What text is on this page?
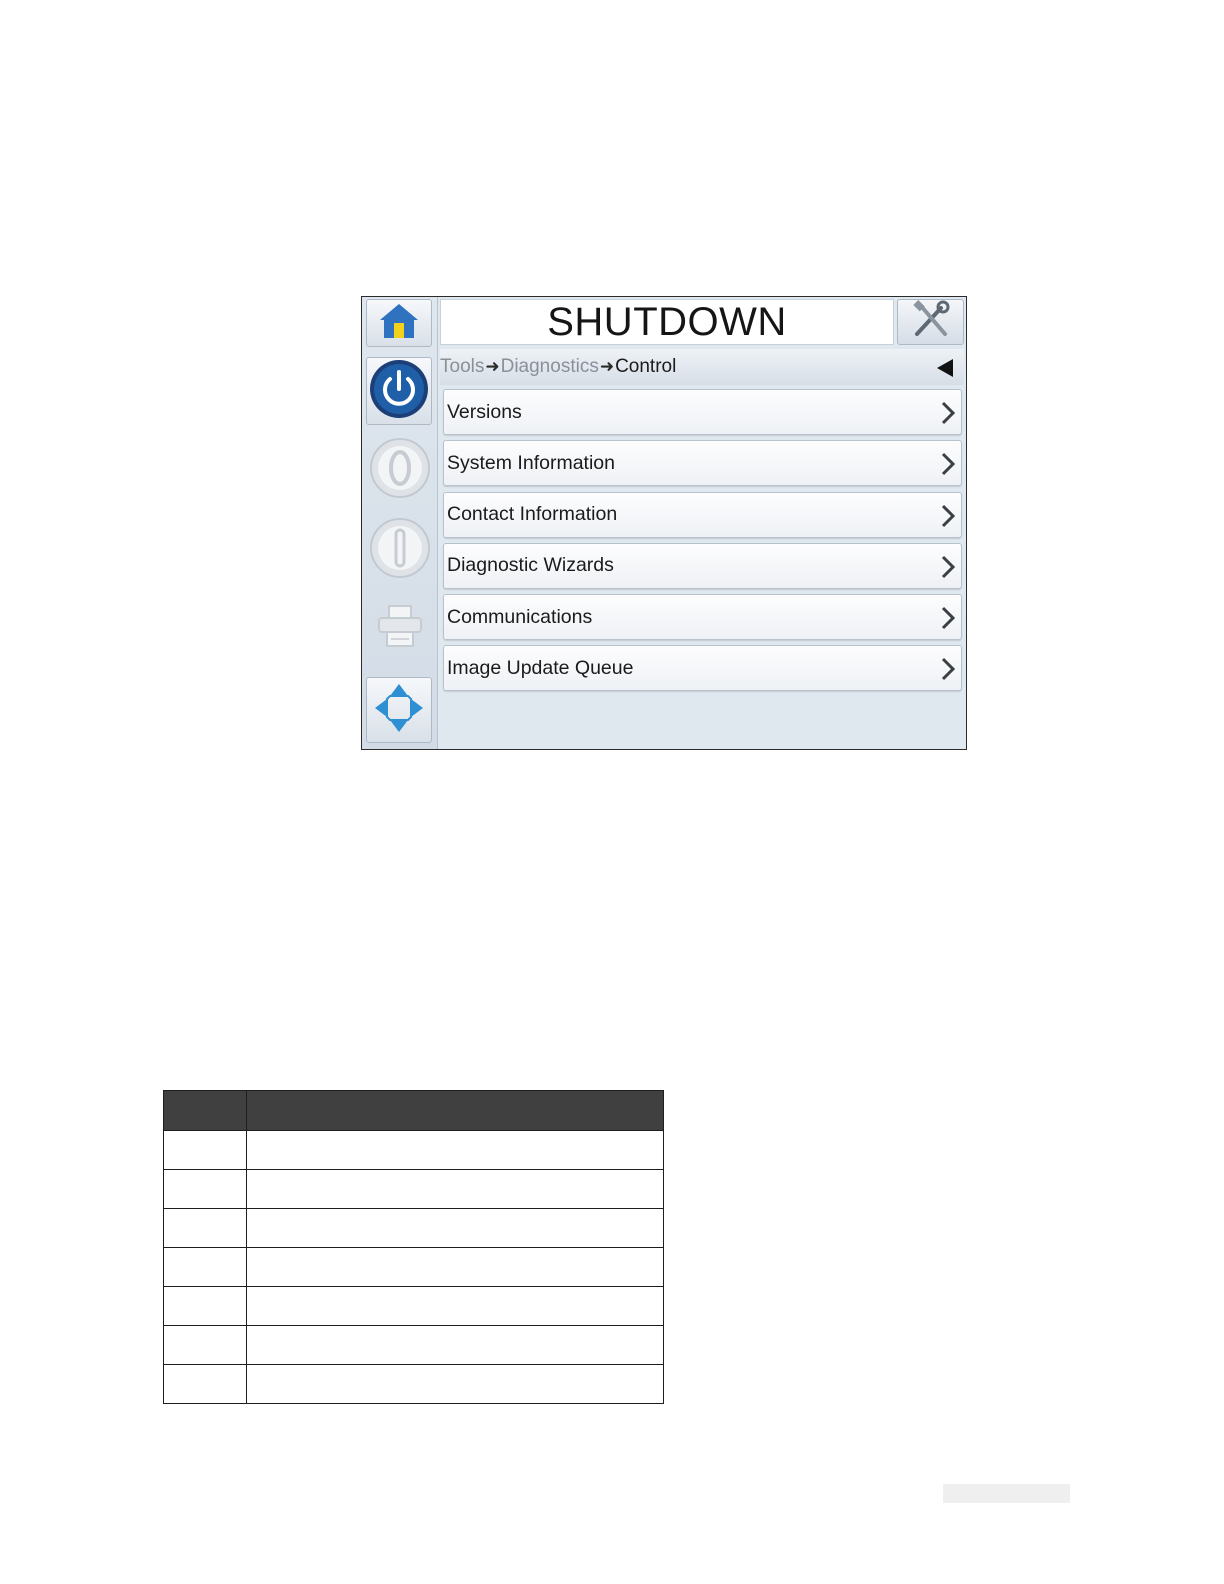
SHUTDOWN
Tools ➜ Diagnostics ➜ Control
Versions
System Information
Contact Information
Diagnostic Wizards
Communications
Image Update Queue
